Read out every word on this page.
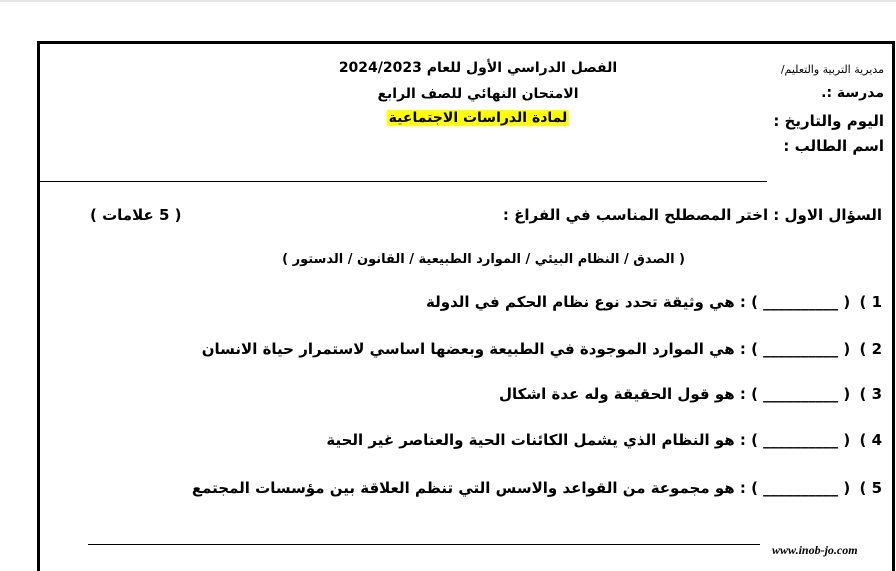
الفصل الدراسي الأول للعام 2024/2023
الامتحان النهائي للصف الرابع
لمادة الدراسات الاجتماعية
مديرية التربية والتعليم/
مدرسة :.
اليوم والتاريخ :
اسم الطالب :
السؤال الاول : اختر المصطلح المناسب في الفراغ :
( 5 علامات )
( الصدق / النظام البيئي / الموارد الطبيعية / القانون / الدستور )
1 ) ( __________ ) : هي وثيقة تحدد نوع نظام الحكم في الدولة
2 ) ( __________ ) : هي الموارد الموجودة في الطبيعة وبعضها اساسي لاستمرار حياة الانسان
3 ) ( __________ ) : هو قول الحقيقة وله عدة اشكال
4 ) ( __________ ) : هو النظام الذي يشمل الكائنات الحية والعناصر غير الحية
5 ) ( __________ ) : هو مجموعة من القواعد والاسس التي تنظم العلاقة بين مؤسسات المجتمع
www.inob-jo.com
